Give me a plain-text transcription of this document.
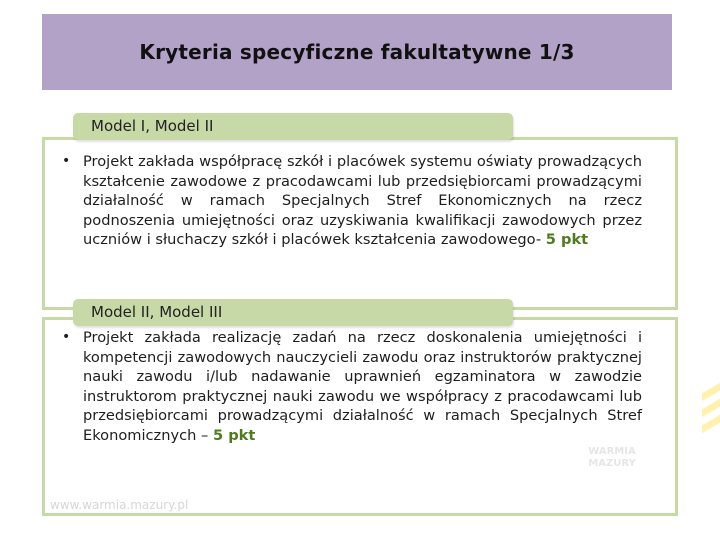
Kryteria specyficzne fakultatywne 1/3
Model I, Model II
• Projekt zakłada współpracę szkół i placówek systemu oświaty prowadzących kształcenie zawodowe z pracodawcami lub przedsiębiorcami prowadzącymi działalność w ramach Specjalnych Stref Ekonomicznych na rzecz podnoszenia umiejętności oraz uzyskiwania kwalifikacji zawodowych przez uczniów i słuchaczy szkół i placówek kształcenia zawodowego- 5 pkt
Model II, Model III
• Projekt zakłada realizację zadań na rzecz doskonalenia umiejętności i kompetencji zawodowych nauczycieli zawodu oraz instruktorów praktycznej nauki zawodu i/lub nadawanie uprawnień egzaminatora w zawodzie instruktorom praktycznej nauki zawodu we współpracy z pracodawcami lub przedsiębiorcami prowadzącymi działalność w ramach Specjalnych Stref Ekonomicznych – 5 pkt
WARMIA
MAZURY
www.warmia.mazury.pl
